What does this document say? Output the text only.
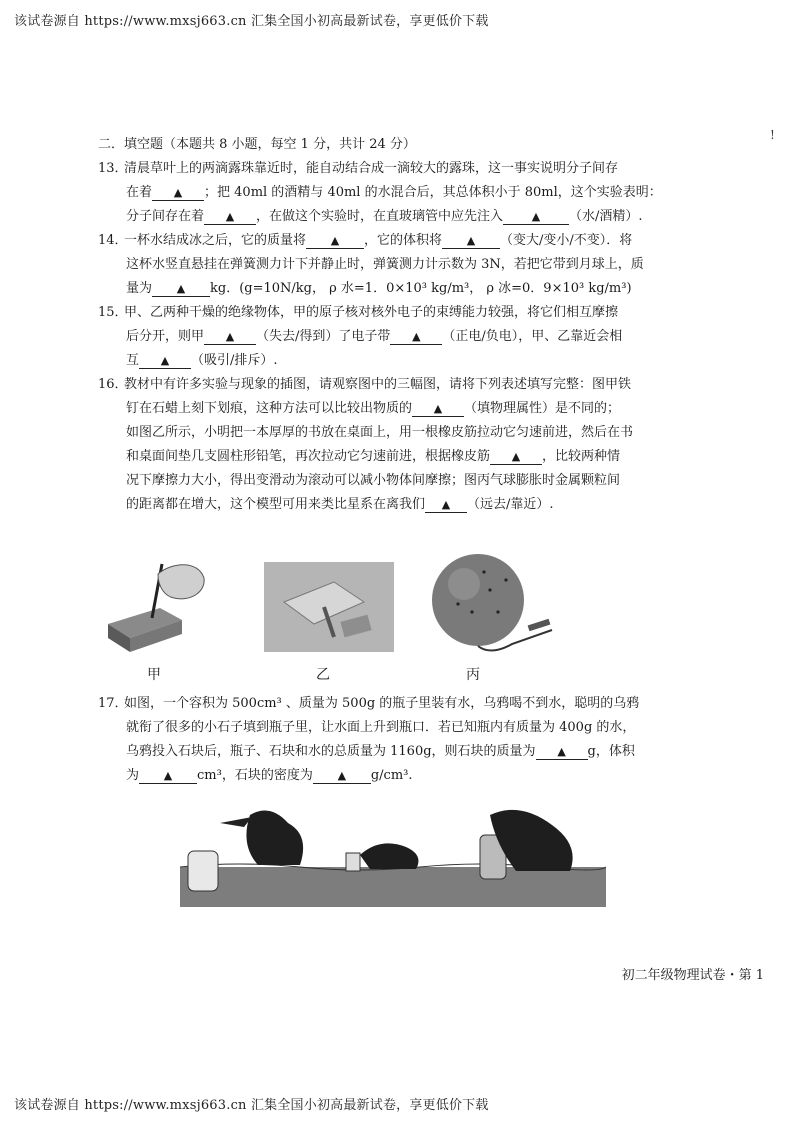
该试卷源自 https://www.mxsj663.cn 汇集全国小初高最新试卷，享更低价下载
!
二．填空题（本题共 8 小题，每空 1 分，共计 24 分）
13．清晨草叶上的两滴露珠靠近时，能自动结合成一滴较大的露珠，这一事实说明分子间存
在着 ▲ ；把 40ml 的酒精与 40ml 的水混合后，其总体积小于 80ml，这个实验表明：
分子间存在着 ▲ ，在做这个实验时，在直玻璃管中应先注入	▲ （水/酒精）.
14．一杯水结成冰之后，它的质量将 ▲ ，它的体积将 ▲ （变大/变小/不变）．将
这杯水竖直悬挂在弹簧测力计下并静止时，弹簧测力计示数为 3N，若把它带到月球上，质
量为 ▲ kg．(g=10N/kg， ρ 水=1．0×10³ kg/m³， ρ 冰=0．9×10³ kg/m³)
15．甲、乙两种干燥的绝缘物体，甲的原子核对核外电子的束缚能力较强，将它们相互摩擦
后分开，则甲 ▲ （失去/得到）了电子带 ▲ （正电/负电），甲、乙靠近会相
互 ▲ （吸引/排斥）.
16．教材中有许多实验与现象的插图，请观察图中的三幅图，请将下列表述填写完整：图甲铁
钉在石蜡上刻下划痕，这种方法可以比较出物质的 ▲ （填物理属性）是不同的；
如图乙所示，小明把一本厚厚的书放在桌面上，用一根橡皮筋拉动它匀速前进，然后在书
和桌面间垫几支圆柱形铅笔，再次拉动它匀速前进，根据橡皮筋 ▲ ，比较两种情
况下摩擦力大小，得出变滑动为滚动可以减小物体间摩擦；图丙气球膨胀时金属颗粒间
的距离都在增大，这个模型可用来类比星系在离我们 ▲ （远去/靠近）.
甲	乙	丙
17．如图，一个容积为 500cm³ 、质量为 500g 的瓶子里装有水，乌鸦喝不到水，聪明的乌鸦
就衔了很多的小石子填到瓶子里，让水面上升到瓶口．若已知瓶内有质量为 400g 的水，
乌鸦投入石块后，瓶子、石块和水的总质量为 1160g，则石块的质量为 ▲ g，体积
为 ▲ cm³，石块的密度为 ▲ g/cm³.
初二年级物理试卷・第 1
该试卷源自 https://www.mxsj663.cn 汇集全国小初高最新试卷，享更低价下载
